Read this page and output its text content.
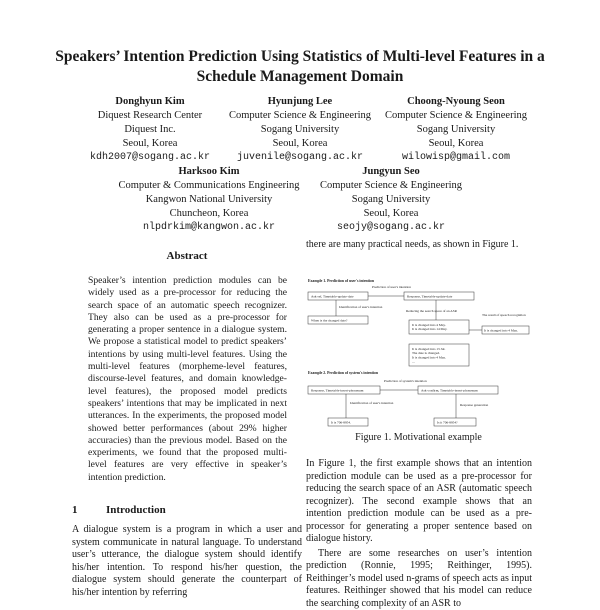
Speakers’ Intention Prediction Using Statistics of Multi-level Features in a Schedule Management Domain
Donghyun Kim
Diquest Research Center
Diquest Inc.
Seoul, Korea
kdh2007@sogang.ac.kr
Hyunjung Lee
Computer Science & Engineering
Sogang University
Seoul, Korea
juvenile@sogang.ac.kr
Choong-Nyoung Seon
Computer Science & Engineering
Sogang University
Seoul, Korea
wilowisp@gmail.com
Harksoo Kim
Computer & Communications Engineering
Kangwon National University
Chuncheon, Korea
nlpdrkim@kangwon.ac.kr
Jungyun Seo
Computer Science & Engineering
Sogang University
Seoul, Korea
seojy@sogang.ac.kr
Abstract

Speaker’s intention prediction modules can be widely used as a pre-processor for reducing the search space of an automatic speech recognizer. They also can be used as a pre-processor for generating a proper sentence in a dialogue system. We propose a statistical model to predict speakers’ intentions by using multi-level features. Using the multi-level features (morpheme-level features, discourse-level features, and domain knowledge-level features), the proposed model predicts speakers’ intentions that may be implicated in next utterances. In the experiments, the proposed model showed better performances (about 29% higher accuracies) than the previous model. Based on the experiments, we found that the proposed multi-level features are very effective in speaker’s intention prediction.

1	Introduction

A dialogue system is a program in which a user and system communicate in natural language. To understand user’s utterance, the dialogue system should identify his/her intention. To respond his/her question, the dialogue system should generate the counterpart of his/her intention by referring

there are many practical needs, as shown in Figure 1.

Example 1. Prediction of user's intention
Ask-ref, Timetable-update-date
Prediction of user's intention
Response, Timetable-update-date
Identification of user's intention
When is the changed date?
Reducing the search space of an ASR
It is changed into 4 May. It is changed into 14 May.
The result of speech recognition
It is changed into 4 May.
It is changed into 13 Jul. The date is changed. It is changed into 4 May. ...
Example 2. Prediction of system's intention
Response, Timetable-insert-phonenum
Prediction of system's intention
Ask-confirm, Timetable-insert-phonenum
Identification of user's intention
It is 706-8954.
Response generation
Is it 706-8954?
Figure 1. Motivational example

In Figure 1, the first example shows that an intention prediction module can be used as a pre-processor for reducing the search space of an ASR (automatic speech recognizer). The second example shows that an intention prediction module can be used as a pre-processor for generating a proper sentence based on dialogue history.

There are some researches on user’s intention prediction (Ronnie, 1995; Reithinger, 1995). Reithinger’s model used n-grams of speech acts as input features. Reithinger showed that his model can reduce the searching complexity of an ASR to
